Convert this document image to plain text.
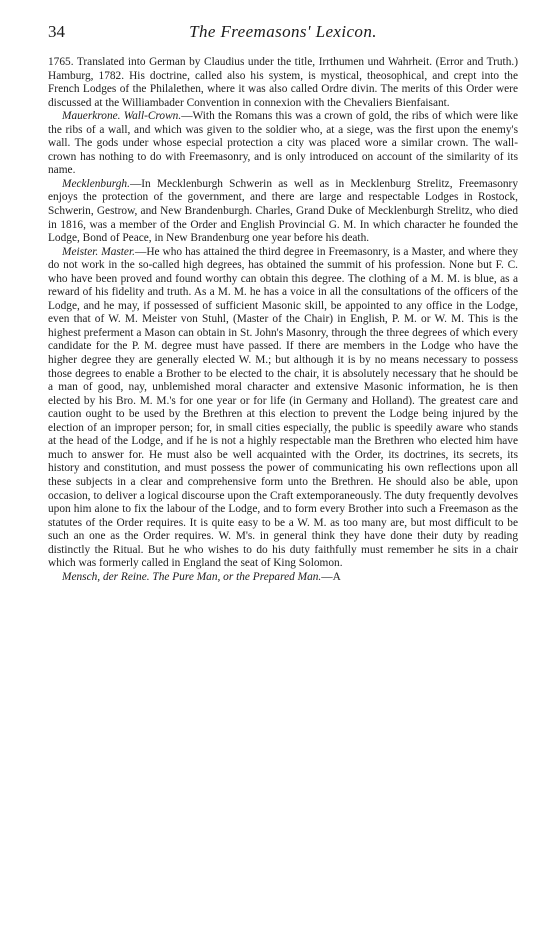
34	The Freemasons' Lexicon.

1765. Translated into German by Claudius under the title, Irrthumen und Wahrheit. (Error and Truth.) Hamburg, 1782. His doctrine, called also his system, is mystical, theosophical, and crept into the French Lodges of the Philalethen, where it was also called Ordre divin. The merits of this Order were discussed at the Williambader Convention in connexion with the Chevaliers Bienfaisant.

Mauerkrone. Wall-Crown.—With the Romans this was a crown of gold, the ribs of which were like the ribs of a wall, and which was given to the soldier who, at a siege, was the first upon the enemy's wall. The gods under whose especial protection a city was placed wore a similar crown. The wall-crown has nothing to do with Freemasonry, and is only introduced on account of the similarity of its name.

Mecklenburgh.—In Mecklenburgh Schwerin as well as in Mecklenburg Strelitz, Freemasonry enjoys the protection of the government, and there are large and respectable Lodges in Rostock, Schwerin, Gestrow, and New Brandenburgh. Charles, Grand Duke of Mecklenburgh Strelitz, who died in 1816, was a member of the Order and English Provincial G. M. In which character he founded the Lodge, Bond of Peace, in New Brandenburg one year before his death.

Meister. Master.—He who has attained the third degree in Freemasonry, is a Master, and where they do not work in the so-called high degrees, has obtained the summit of his profession. None but F. C. who have been proved and found worthy can obtain this degree. The clothing of a M. M. is blue, as a reward of his fidelity and truth. As a M. M. he has a voice in all the consultations of the officers of the Lodge, and he may, if possessed of sufficient Masonic skill, be appointed to any office in the Lodge, even that of W. M. Meister von Stuhl, (Master of the Chair) in English, P. M. or W. M. This is the highest preferment a Mason can obtain in St. John's Masonry, through the three degrees of which every candidate for the P. M. degree must have passed. If there are members in the Lodge who have the higher degree they are generally elected W. M.; but although it is by no means necessary to possess those degrees to enable a Brother to be elected to the chair, it is absolutely necessary that he should be a man of good, nay, unblemished moral character and extensive Masonic information, he is then elected by his Bro. M. M.'s for one year or for life (in Germany and Holland). The greatest care and caution ought to be used by the Brethren at this election to prevent the Lodge being injured by the election of an improper person; for, in small cities especially, the public is speedily aware who stands at the head of the Lodge, and if he is not a highly respectable man the Brethren who elected him have much to answer for. He must also be well acquainted with the Order, its doctrines, its secrets, its history and constitution, and must possess the power of communicating his own reflections upon all these subjects in a clear and comprehensive form unto the Brethren. He should also be able, upon occasion, to deliver a logical discourse upon the Craft extemporaneously. The duty frequently devolves upon him alone to fix the labour of the Lodge, and to form every Brother into such a Freemason as the statutes of the Order requires. It is quite easy to be a W. M. as too many are, but most difficult to be such an one as the Order requires. W. M's. in general think they have done their duty by reading distinctly the Ritual. But he who wishes to do his duty faithfully must remember he sits in a chair which was formerly called in England the seat of King Solomon.

Mensch, der Reine. The Pure Man, or the Prepared Man.—A
